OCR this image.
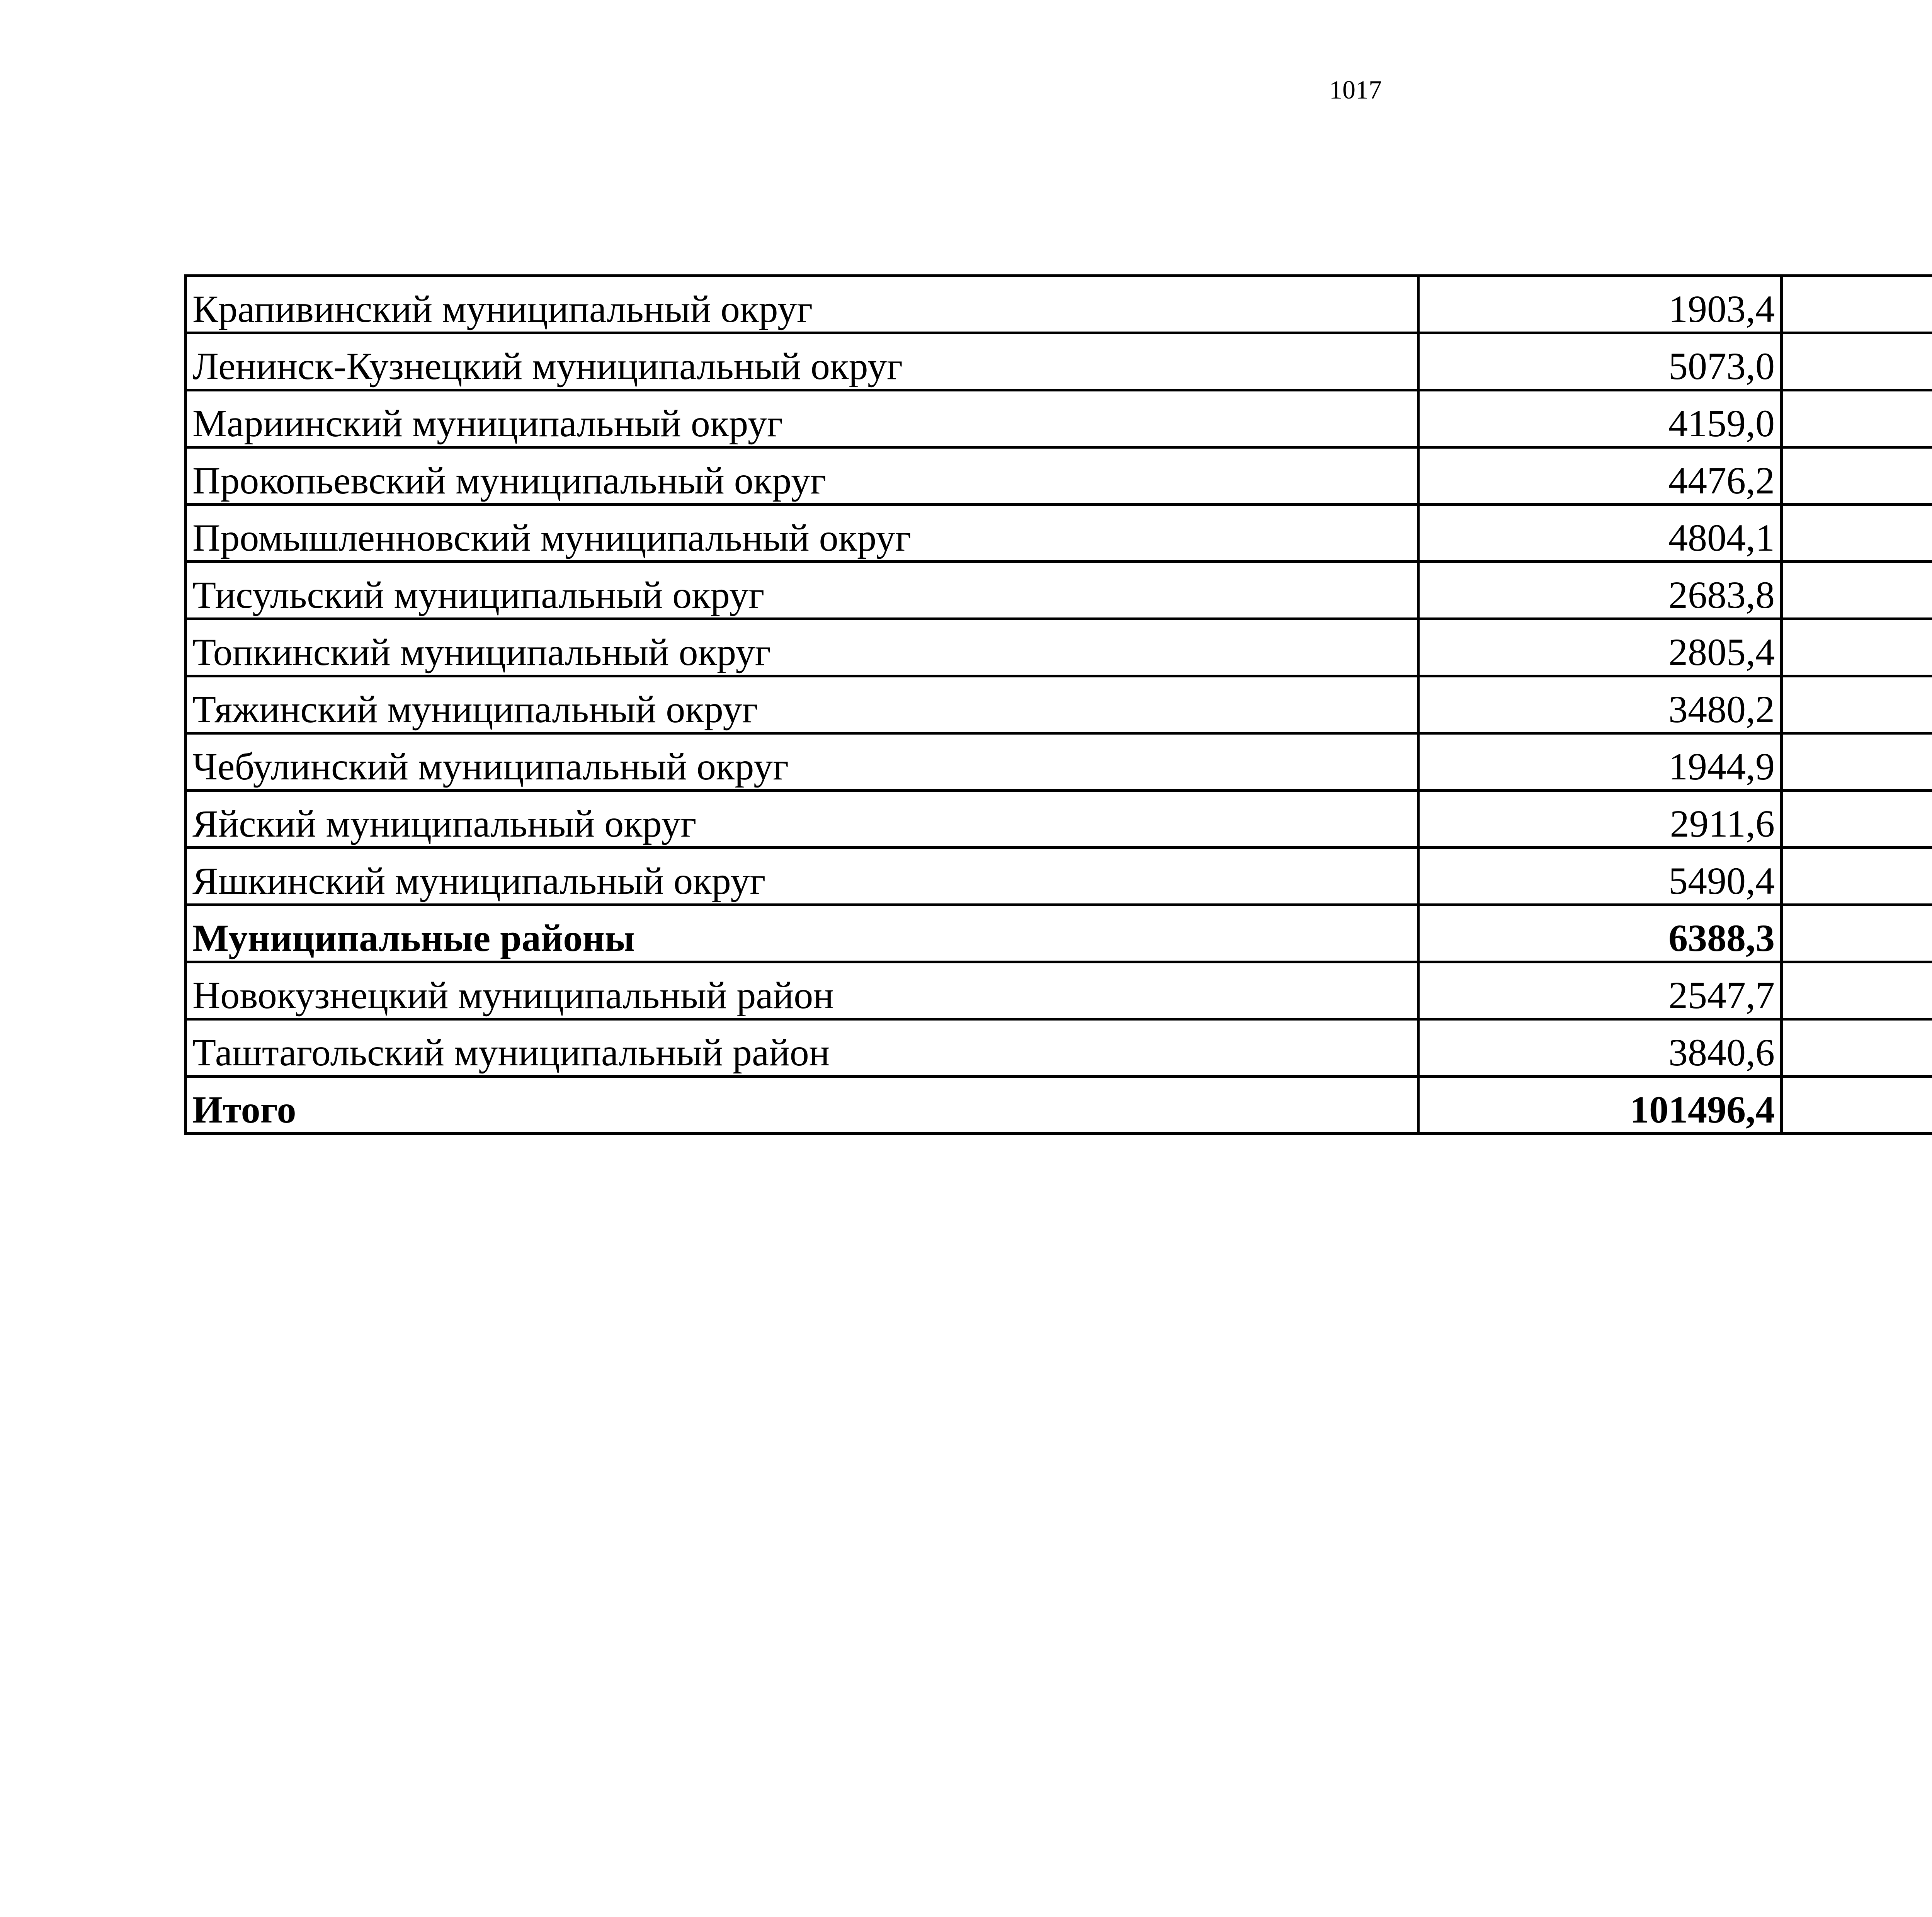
1017
Крапивинский муниципальный округ	1903,4		
Ленинск-Кузнецкий муниципальный округ	5073,0		
Мариинский муниципальный округ	4159,0		
Прокопьевский муниципальный округ	4476,2		
Промышленновский муниципальный округ	4804,1		
Тисульский муниципальный округ	2683,8		
Топкинский муниципальный округ	2805,4		
Тяжинский муниципальный округ	3480,2		
Чебулинский муниципальный округ	1944,9		
Яйский муниципальный округ	2911,6		
Яшкинский муниципальный округ	5490,4		
Муниципальные районы	6388,3		
Новокузнецкий муниципальный район	2547,7		
Таштагольский муниципальный район	3840,6		
Итого	101496,4		
